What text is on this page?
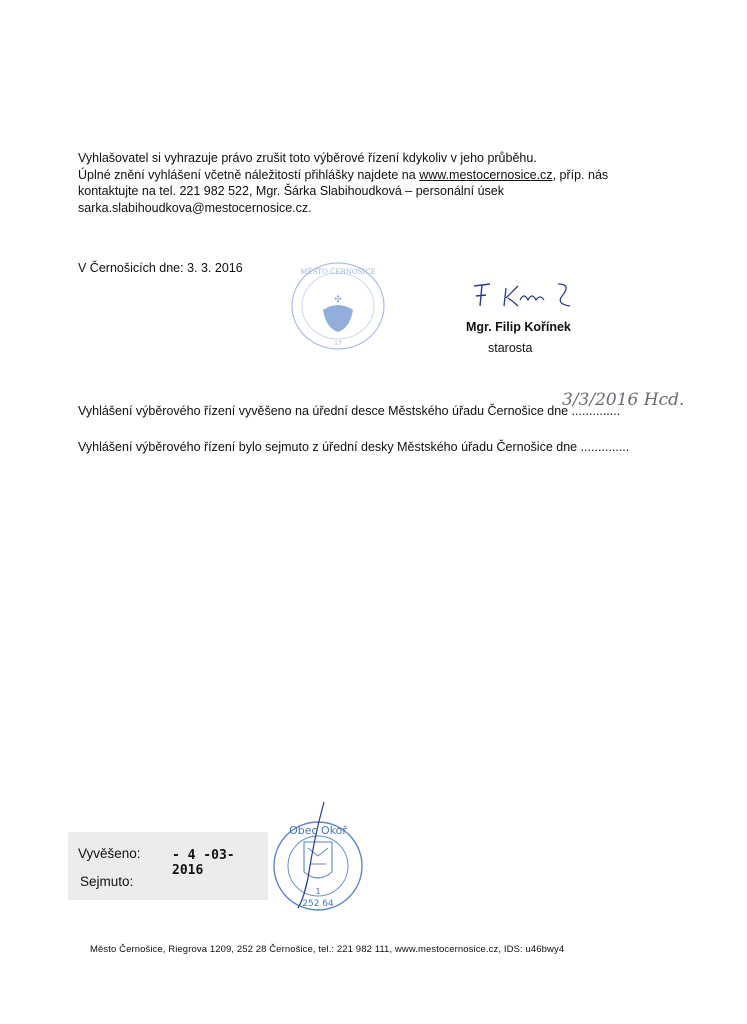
Vyhlašovatel si vyhrazuje právo zrušit toto výběrové řízení kdykoliv v jeho průběhu.

Úplné znění vyhlášení včetně náležitostí přihlášky najdete na www.mestocernosice.cz, příp. nás

kontaktujte na tel. 221 982 522, Mgr. Šárka Slabihoudková – personální úsek

sarka.slabihoudkova@mestocernosice.cz.

V Černošicích dne: 3. 3. 2016	MĚSTO ČERNOŠICE
✣
17
F. Kořínek
Mgr. Filip Kořínek
starosta
Vyhlášení výběrového řízení vyvěšeno na úřední desce Městského úřadu Černošice dne ..............
3/3/2016 Hcd.
Vyhlášení výběrového řízení bylo sejmuto z úřední desky Městského úřadu Černošice dne ..............
Vyvěšeno: - 4 -03- 2016
Sejmuto:
Obec Okoř
1
252 64
Město Černošice, Riegrova 1209, 252 28 Černošice, tel.: 221 982 111, www.mestocernosice.cz, IDS: u46bwy4
